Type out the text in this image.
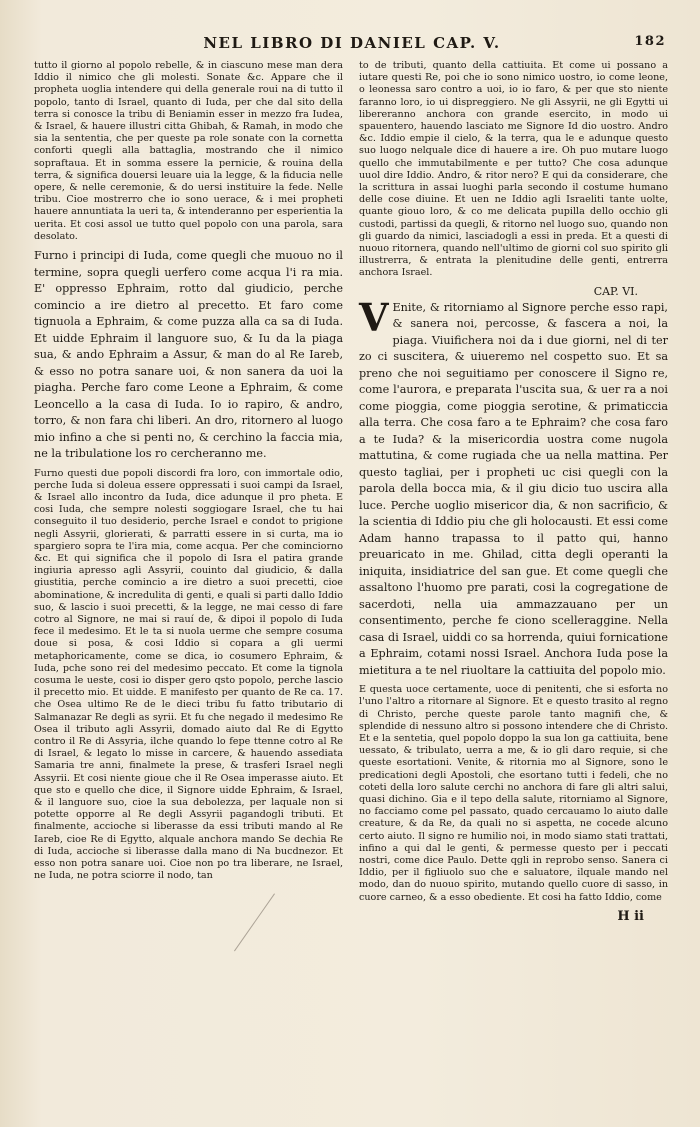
NEL LIBRO DI DANIEL CAP. V.	182

tutto il giorno al popolo rebelle, & in ciascuno mese man dera Iddio il nimico che gli molesti. Sonate &c. Appare che il propheta uoglia intendere qui della generale roui na di tutto il popolo, tanto di Israel, quanto di Iuda, per che dal sito della terra si conosce la tribu di Beniamin esser in mezzo fra Iudea, & Israel, & hauere illustri citta Ghibah, & Ramah, in modo che sia la sententia, che per queste pa role sonate con la cornetta conforti quegli alla battaglia, mostrando che il nimico sopraftaua. Et in somma essere la pernicie, & rouina della terra, & significa douersi leuare uia la legge, & la fiducia nelle opere, & nelle ceremonie, & do uersi instituire la fede. Nelle tribu. Cioe mostrerro che io sono uerace, & i mei propheti hauere annuntiata la ueri ta, & intenderanno per esperientia la uerita. Et cosi assol ue tutto quel popolo con una parola, sara desolato.

Furno i principi di Iuda, come quegli che muouo no il termine, sopra quegli uerfero come acqua l'i ra mia. E' oppresso Ephraim, rotto dal giudicio, perche comincio a ire dietro al precetto. Et faro come tignuola a Ephraim, & come puzza alla ca sa di Iuda. Et uidde Ephraim il languore suo, & Iu da la piaga sua, & ando Ephraim a Assur, & man do al Re Iareb, & esso no potra sanare uoi, & non sanera da uoi la piagha. Perche faro come Leone a Ephraim, & come Leoncello a la casa di Iuda. Io io rapiro, & andro, torro, & non fara chi liberi. An dro, ritornero al luogo mio infino a che si penti no, & cerchino la faccia mia, ne la tribulatione los ro cercheranno me.

Furno questi due popoli discordi fra loro, con immortale odio, perche Iuda si doleua essere oppressati i suoi campi da Israel, & Israel allo incontro da Iuda, dice adunque il pro pheta. E cosi Iuda, che sempre nolesti soggiogare Israel, che tu hai conseguito il tuo desiderio, perche Israel e condot to prigione negli Assyrii, glorierati, & parratti essere in si curta, ma io spargiero sopra te l'ira mia, come acqua. Per che cominciorno &c. Et qui significa che il popolo di Isra el patira grande ingiuria apresso agli Assyrii, couinto dal giudicio, & dalla giustitia, perche comincio a ire dietro a suoi precetti, cioe abominatione, & incredulita di genti, e quali si parti dallo Iddio suo, & lascio i suoi precetti, & la legge, ne mai cesso di fare cotro al Signore, ne mai si rauí de, & dipoi il popolo di Iuda fece il medesimo. Et le ta si nuola uerme che sempre cosuma doue si posa, & cosi Iddio si copara a gli uermi metaphoricamente, come se dica, io cosumero Ephraim, & Iuda, pche sono rei del medesimo peccato. Et come la tignola cosuma le ueste, cosi io disper gero qsto popolo, perche lascio il precetto mio. Et uidde. E manifesto per quanto de Re ca. 17. che Osea ultimo Re de le dieci tribu fu fatto tributario di Salmanazar Re degli as syrii. Et fu che negado il medesimo Re Osea il tributo agli Assyrii, domado aiuto dal Re di Egytto contro il Re di Assyria, ilche quando lo fepe ttenne cotro al Re di Israel, & legato lo misse in carcere, & hauendo assediata Samaria tre anni, finalmete la prese, & trasferi Israel negli Assyrii. Et cosi niente gioue che il Re Osea imperasse aiuto. Et que sto e quello che dice, il Signore uidde Ephraim, & Israel, & il languore suo, cioe la sua debolezza, per laquale non si potette opporre al Re degli Assyrii pagandogli tributi. Et finalmente, accioche si liberasse da essi tributi mando al Re Iareb, cioe Re di Egytto, alquale anchora mando Se dechia Re di Iuda, accioche si liberasse dalla mano di Na bucdnezor. Et esso non potra sanare uoi. Cioe non po tra liberare, ne Israel, ne Iuda, ne potra sciorre il nodo, tan

to de tributi, quanto della cattiuita. Et come ui possano a iutare questi Re, poi che io sono nimico uostro, io come leone, o leonessa saro contro a uoi, io io faro, & per que sto niente faranno loro, io ui dispreggiero. Ne gli Assyrii, ne gli Egytti ui libereranno anchora con grande esercito, in modo ui spauentero, hauendo lasciato me Signore Id dio uostro. Andro &c. Iddio empie il cielo, & la terra, qua le e adunque questo suo luogo nelquale dice di hauere a ire. Oh puo mutare luogo quello che immutabilmente e per tutto? Che cosa adunque uuol dire Iddio. Andro, & ritor nero? E qui da considerare, che la scrittura in assai luoghi parla secondo il costume humano delle cose diuine. Et uen ne Iddio agli Israeliti tante uolte, quante giouo loro, & co me delicata pupilla dello occhio gli custodi, partissi da quegli, & ritorno nel luogo suo, quando non gli guardo da nimici, lasciadogli a essi in preda. Et a questi di nuouo ritornera, quando nell'ultimo de giorni col suo spirito gli illustrerra, & entrata la plenitudine delle genti, entrerra anchora Israel.

CAP. VI.

V Enite, & ritorniamo al Signore perche esso rapi, & sanera noi, percosse, & fascera a noi, la piaga. Viuifichera noi da i due giorni, nel di ter zo ci suscitera, & uiueremo nel cospetto suo. Et sa preno che noi seguitiamo per conoscere il Signo re, come l'aurora, e preparata l'uscita sua, & uer ra a noi come pioggia, come pioggia serotine, & primaticcia alla terra. Che cosa faro a te Ephraim? che cosa faro a te Iuda? & la misericordia uostra come nugola mattutina, & come rugiada che ua nella mattina. Per questo tagliai, per i propheti uc cisi quegli con la parola della bocca mia, & il giu dicio tuo uscira alla luce. Perche uoglio misericor dia, & non sacrificio, & la scientia di Iddio piu che gli holocausti. Et essi come Adam hanno trapassa to il patto qui, hanno preuaricato in me. Ghilad, citta degli operanti la iniquita, insidiatrice del san gue. Et come quegli che assaltono l'huomo pre parati, cosi la cogregatione de sacerdoti, nella uia ammazzauano per un consentimento, perche fe ciono scelleraggine. Nella casa di Israel, uiddi co sa horrenda, quiui fornicatione a Ephraim, cotami nossi Israel. Anchora Iuda pose la mietitura a te nel riuoltare la cattiuita del popolo mio.

E questa uoce certamente, uoce di penitenti, che si esforta no l'uno l'altro a ritornare al Signore. Et e questo trasito al regno di Christo, perche queste parole tanto magnifi che, & splendide di nessuno altro si possono intendere che di Christo. Et e la sentetia, quel popolo doppo la sua lon ga cattiuita, bene uessato, & tribulato, uerra a me, & io gli daro requie, si che queste esortationi. Venite, & ritornia mo al Signore, sono le predicationi degli Apostoli, che esortano tutti i fedeli, che no coteti della loro salute cerchi no anchora di fare gli altri salui, quasi dichino. Gia e il tepo della salute, ritorniamo al Signore, no facciamo come pel passato, quado cercauamo lo aiuto dalle creature, & da Re, da quali no si aspetta, ne cocede alcuno certo aiuto. Il signo re humilio noi, in modo siamo stati trattati, infino a qui dal le genti, & permesse questo per i peccati nostri, come dice Paulo. Dette qgli in reprobo senso. Sanera ci Iddio, per il figliuolo suo che e saluatore, ilquale mando nel modo, dan do nuouo spirito, mutando quello cuore di sasso, in cuore carneo, & a esso obediente. Et cosi ha fatto Iddio, come

H ii
